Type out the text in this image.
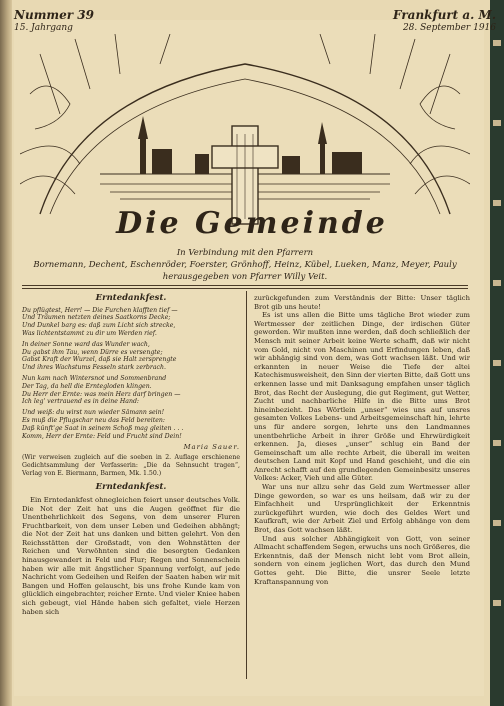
Nummer 39
15. Jahrgang
Frankfurt a. M.
28. September 1916
Die Gemeinde
In Verbindung mit den Pfarrern
Bornemann, Dechent, Eschenröder, Foerster, Grönhoff, Heinz, Kübel, Lueken, Manz, Meyer, Pauly
herausgegeben von Pfarrer Willy Veit.
Erntedankfest.
Du pflügtest, Herr! — Die Furchen klafften tief —
Und Träumen netzten deines Saatkorns Decke;
Und Dunkel barg es: daß zum Licht sich strecke,
Was lichtentstammt zu dir um Werden rief.
In deiner Sonne ward das Wunder wach,
Du gabst ihm Tau, wenn Dürre es versengte;
Gabst Kraft der Wurzel, daß sie Halt zersprengte
Und ihres Wachstums Fesseln stark zerbrach.
Nun kam nach Wintersnot und Sommenbrand
Der Tag, da hell die Erntegloden klingen.
Du Herr der Ernte: was mein Herz darf bringen —
Ich leg' vertrauend es in deine Hand:
Und weiß: du wirst nun wieder Sämann sein!
Es muß die Pflugschar neu das Feld bereiten:
Daß künft'ge Saat in seinem Schoß mag gleiten . . .
Komm, Herr der Ernte: Feld und Frucht sind Dein!
Maria Sauer.
(Wir verweisen zugleich auf die soeben in 2. Auflage erschienene Gedichtsammlung der Verfasserin: „Die da Sehnsucht tragen“, Verlag von E. Biermann, Barmen, Mk. 1.50.)
Erntedankfest.

Ein Erntedankfest ohnegleichen feiert unser deutsches Volk. Die Not der Zeit hat uns die Augen geöffnet für die Unentbehrlichkeit des Segens, von dem unserer Fluren Fruchtbarkeit, von dem unser Leben und Gedeihen abhängt; die Not der Zeit hat uns danken und bitten gelehrt. Von den Reichsstätten der Großstadt, von den Wohnstätten der Reichen und Verwöhnten sind die besorgten Gedanken hinausgewandert in Feld und Flur; Regen und Sonnenschein haben wir alle mit ängstlicher Spannung verfolgt, auf jede Nachricht vom Gedeihen und Reifen der Saaten haben wir mit Bangen und Hoffen gelauscht, bis uns frohe Kunde kam von glücklich eingebrachter, reicher Ernte. Und vieler Kniee haben sich gebeugt, viel Hände haben sich gefaltet, viele Herzen haben sich

zurückgefunden zum Verständnis der Bitte: Unser täglich Brot gib uns heute!

Es ist uns allen die Bitte ums tägliche Brot wieder zum Wertmesser der zeitlichen Dinge, der irdischen Güter geworden. Wir mußten inne werden, daß doch schließlich der Mensch mit seiner Arbeit keine Werte schafft, daß wir nicht vom Gold, nicht von Maschinen und Erfindungen leben, daß wir abhängig sind von dem, was Gott wachsen läßt. Und wir erkannten in neuer Weise die Tiefe der altei Katechismusweisheit, den Sinn der vierten Bitte, daß Gott uns erkennen lasse und mit Danksagung empfahen unser täglich Brot, das Recht der Auslegung, die gut Regiment, gut Wetter, Zucht und nachbarliche Hilfe in die Bitte ums Brot hineinbezieht. Das Wörtlein „unser“ wies uns auf unsres gesamten Volkes Lebens- und Arbeitsgemeinschaft hin, lehrte uns für andere sorgen, lehrte uns den Landmannes unentbehrliche Arbeit in ihrer Größe und Ehrwürdigkeit erkennen. Ja, dieses „unser“ schlug ein Band der Gemeinschaft um alle rechte Arbeit, die überall im weiten deutschen Land mit Kopf und Hand geschieht, und die ein Anrecht schafft auf den grundlegenden Gemeinbesitz unseres Volkes: Acker, Vieh und alle Güter.

War uns nur allzu sehr das Geld zum Wertmesser aller Dinge geworden, so war es uns heilsam, daß wir zu der Einfachheit und Ursprünglichkeit der Erkenntnis zurückgeführt wurden, wie doch des Geldes Wert und Kaufkraft, wie der Arbeit Ziel und Erfolg abhänge von dem Brot, das Gott wachsen läßt.

Und aus solcher Abhängigkeit von Gott, von seiner Allmacht schaffendem Segen, erwuchs uns noch Größeres, die Erkenntnis, daß der Mensch nicht lebt vom Brot allein, sondern von einem jeglichen Wort, das durch den Mund Gottes geht. Die Bitte, die unsrer Seele letzte Kraftanspannung von
